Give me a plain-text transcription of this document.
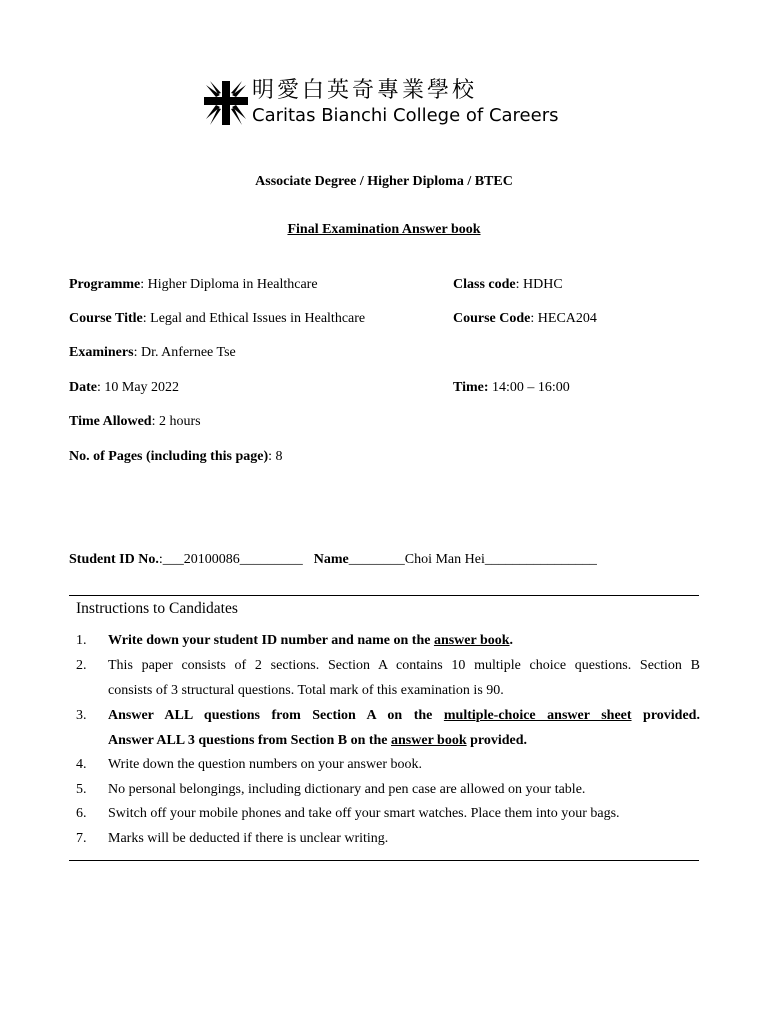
明愛白英奇專業學校
Caritas Bianchi College of Careers
Associate Degree / Higher Diploma / BTEC
Final Examination Answer book
Programme: Higher Diploma in Healthcare	Class code: HDHC
Course Title: Legal and Ethical Issues in Healthcare	Course Code: HECA204
Examiners: Dr. Anfernee Tse
Date: 10 May 2022	Time: 14:00 – 16:00
Time Allowed: 2 hours
No. of Pages (including this page): 8
Student ID No.:___20100086_________ Name________Choi Man Hei________________
Instructions to Candidates
1.	Write down your student ID number and name on the answer book.
2.	This paper consists of 2 sections. Section A contains 10 multiple choice questions. Section B
consists of 3 structural questions. Total mark of this examination is 90.
3.	Answer ALL questions from Section A on the multiple-choice answer sheet provided.
Answer ALL 3 questions from Section B on the answer book provided.
4.	Write down the question numbers on your answer book.
5.	No personal belongings, including dictionary and pen case are allowed on your table.
6.	Switch off your mobile phones and take off your smart watches. Place them into your bags.
7.	Marks will be deducted if there is unclear writing.
